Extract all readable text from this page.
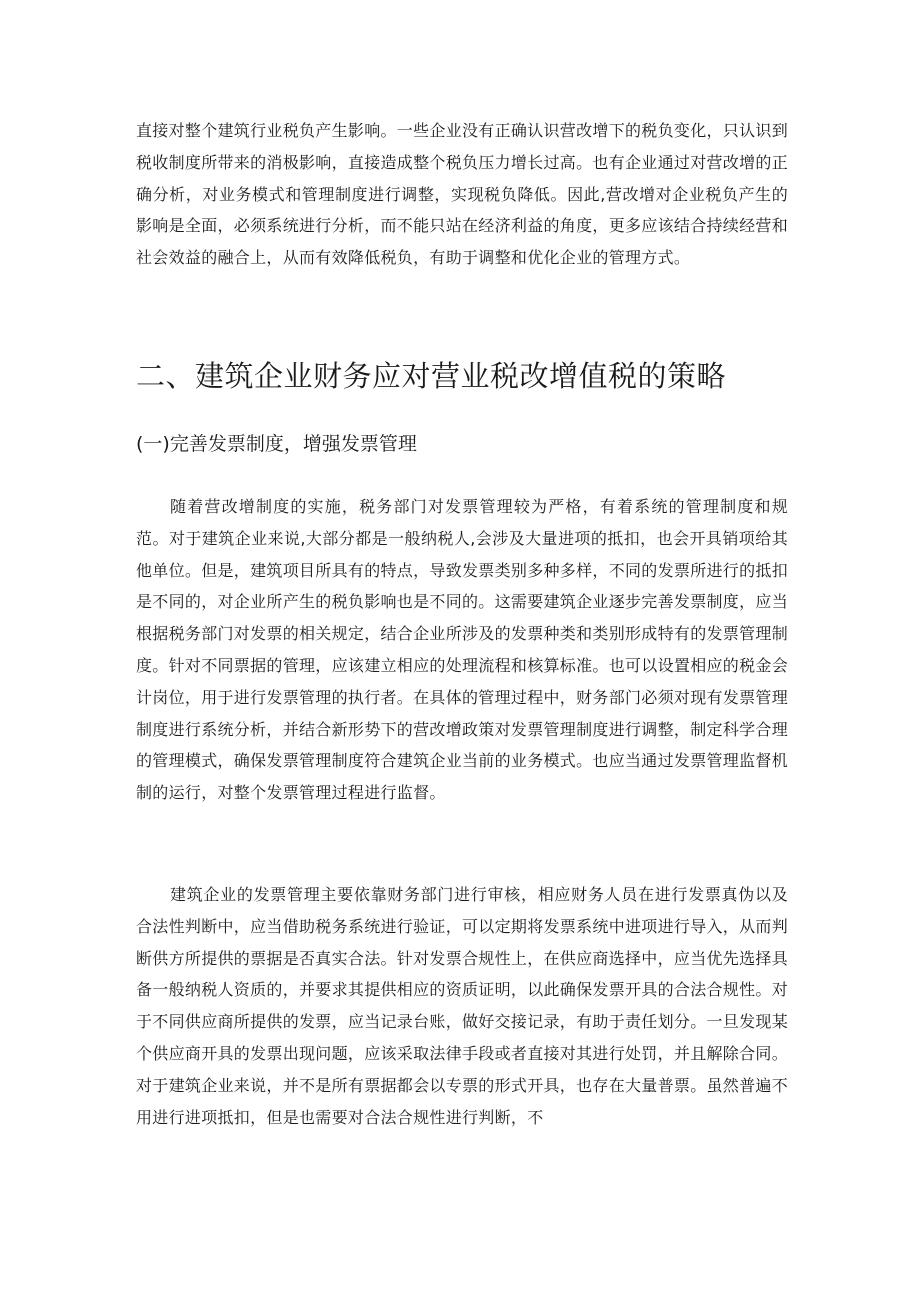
直接对整个建筑行业税负产生影响。一些企业没有正确认识营改增下的税负变化，只认识到税收制度所带来的消极影响，直接造成整个税负压力增长过高。也有企业通过对营改增的正确分析，对业务模式和管理制度进行调整，实现税负降低。因此,营改增对企业税负产生的影响是全面，必须系统进行分析，而不能只站在经济利益的角度，更多应该结合持续经营和社会效益的融合上，从而有效降低税负，有助于调整和优化企业的管理方式。

二、建筑企业财务应对营业税改增值税的策略
(一)完善发票制度，增强发票管理

随着营改增制度的实施，税务部门对发票管理较为严格，有着系统的管理制度和规范。对于建筑企业来说,大部分都是一般纳税人,会涉及大量进项的抵扣，也会开具销项给其他单位。但是，建筑项目所具有的特点，导致发票类别多种多样，不同的发票所进行的抵扣是不同的，对企业所产生的税负影响也是不同的。这需要建筑企业逐步完善发票制度，应当根据税务部门对发票的相关规定，结合企业所涉及的发票种类和类别形成特有的发票管理制度。针对不同票据的管理，应该建立相应的处理流程和核算标准。也可以设置相应的税金会计岗位，用于进行发票管理的执行者。在具体的管理过程中，财务部门必须对现有发票管理制度进行系统分析，并结合新形势下的营改增政策对发票管理制度进行调整，制定科学合理的管理模式，确保发票管理制度符合建筑企业当前的业务模式。也应当通过发票管理监督机制的运行，对整个发票管理过程进行监督。

建筑企业的发票管理主要依靠财务部门进行审核，相应财务人员在进行发票真伪以及合法性判断中，应当借助税务系统进行验证，可以定期将发票系统中进项进行导入，从而判断供方所提供的票据是否真实合法。针对发票合规性上，在供应商选择中，应当优先选择具备一般纳税人资质的，并要求其提供相应的资质证明，以此确保发票开具的合法合规性。对于不同供应商所提供的发票，应当记录台账，做好交接记录，有助于责任划分。一旦发现某个供应商开具的发票出现问题，应该采取法律手段或者直接对其进行处罚，并且解除合同。对于建筑企业来说，并不是所有票据都会以专票的形式开具，也存在大量普票。虽然普遍不用进行进项抵扣，但是也需要对合法合规性进行判断，不
